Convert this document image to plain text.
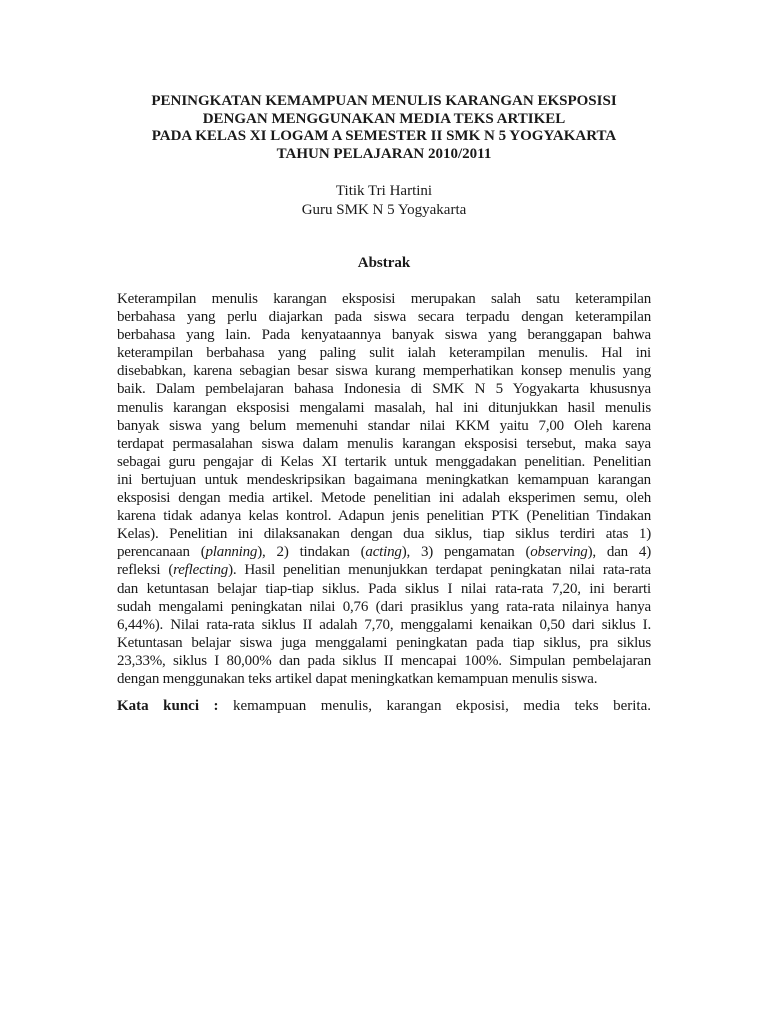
PENINGKATAN KEMAMPUAN MENULIS KARANGAN EKSPOSISI
DENGAN MENGGUNAKAN MEDIA TEKS ARTIKEL
PADA KELAS XI LOGAM A SEMESTER II SMK N 5 YOGYAKARTA
TAHUN PELAJARAN 2010/2011
Titik Tri Hartini
Guru SMK N 5 Yogyakarta
Abstrak
Keterampilan menulis karangan eksposisi merupakan salah satu keterampilan
berbahasa yang perlu diajarkan pada siswa secara terpadu dengan keterampilan
berbahasa yang lain. Pada kenyataannya banyak siswa yang beranggapan bahwa
keterampilan berbahasa yang paling sulit ialah keterampilan menulis. Hal ini
disebabkan, karena sebagian besar siswa kurang memperhatikan konsep menulis yang
baik. Dalam pembelajaran bahasa Indonesia di SMK N 5 Yogyakarta khususnya
menulis karangan eksposisi mengalami masalah, hal ini ditunjukkan hasil menulis
banyak siswa yang belum memenuhi standar nilai KKM yaitu 7,00 Oleh karena
terdapat permasalahan siswa dalam menulis karangan eksposisi tersebut, maka saya
sebagai guru pengajar di Kelas XI tertarik untuk menggadakan penelitian. Penelitian
ini bertujuan untuk mendeskripsikan bagaimana meningkatkan kemampuan karangan
eksposisi dengan media artikel. Metode penelitian ini adalah eksperimen semu, oleh
karena tidak adanya kelas kontrol. Adapun jenis penelitian PTK (Penelitian Tindakan
Kelas). Penelitian ini dilaksanakan dengan dua siklus, tiap siklus terdiri atas 1)
perencanaan (planning), 2) tindakan (acting), 3) pengamatan (observing), dan 4)
refleksi (reflecting). Hasil penelitian menunjukkan terdapat peningkatan nilai rata-rata
dan ketuntasan belajar tiap-tiap siklus. Pada siklus I nilai rata-rata 7,20, ini berarti
sudah mengalami peningkatan nilai 0,76 (dari prasiklus yang rata-rata nilainya hanya
6,44%). Nilai rata-rata siklus II adalah 7,70, menggalami kenaikan 0,50 dari siklus I.
Ketuntasan belajar siswa juga menggalami peningkatan pada tiap siklus, pra siklus
23,33%, siklus I 80,00% dan pada siklus II mencapai 100%. Simpulan pembelajaran
dengan menggunakan teks artikel dapat meningkatkan kemampuan menulis siswa.
Kata kunci : kemampuan menulis, karangan ekposisi, media teks berita.
